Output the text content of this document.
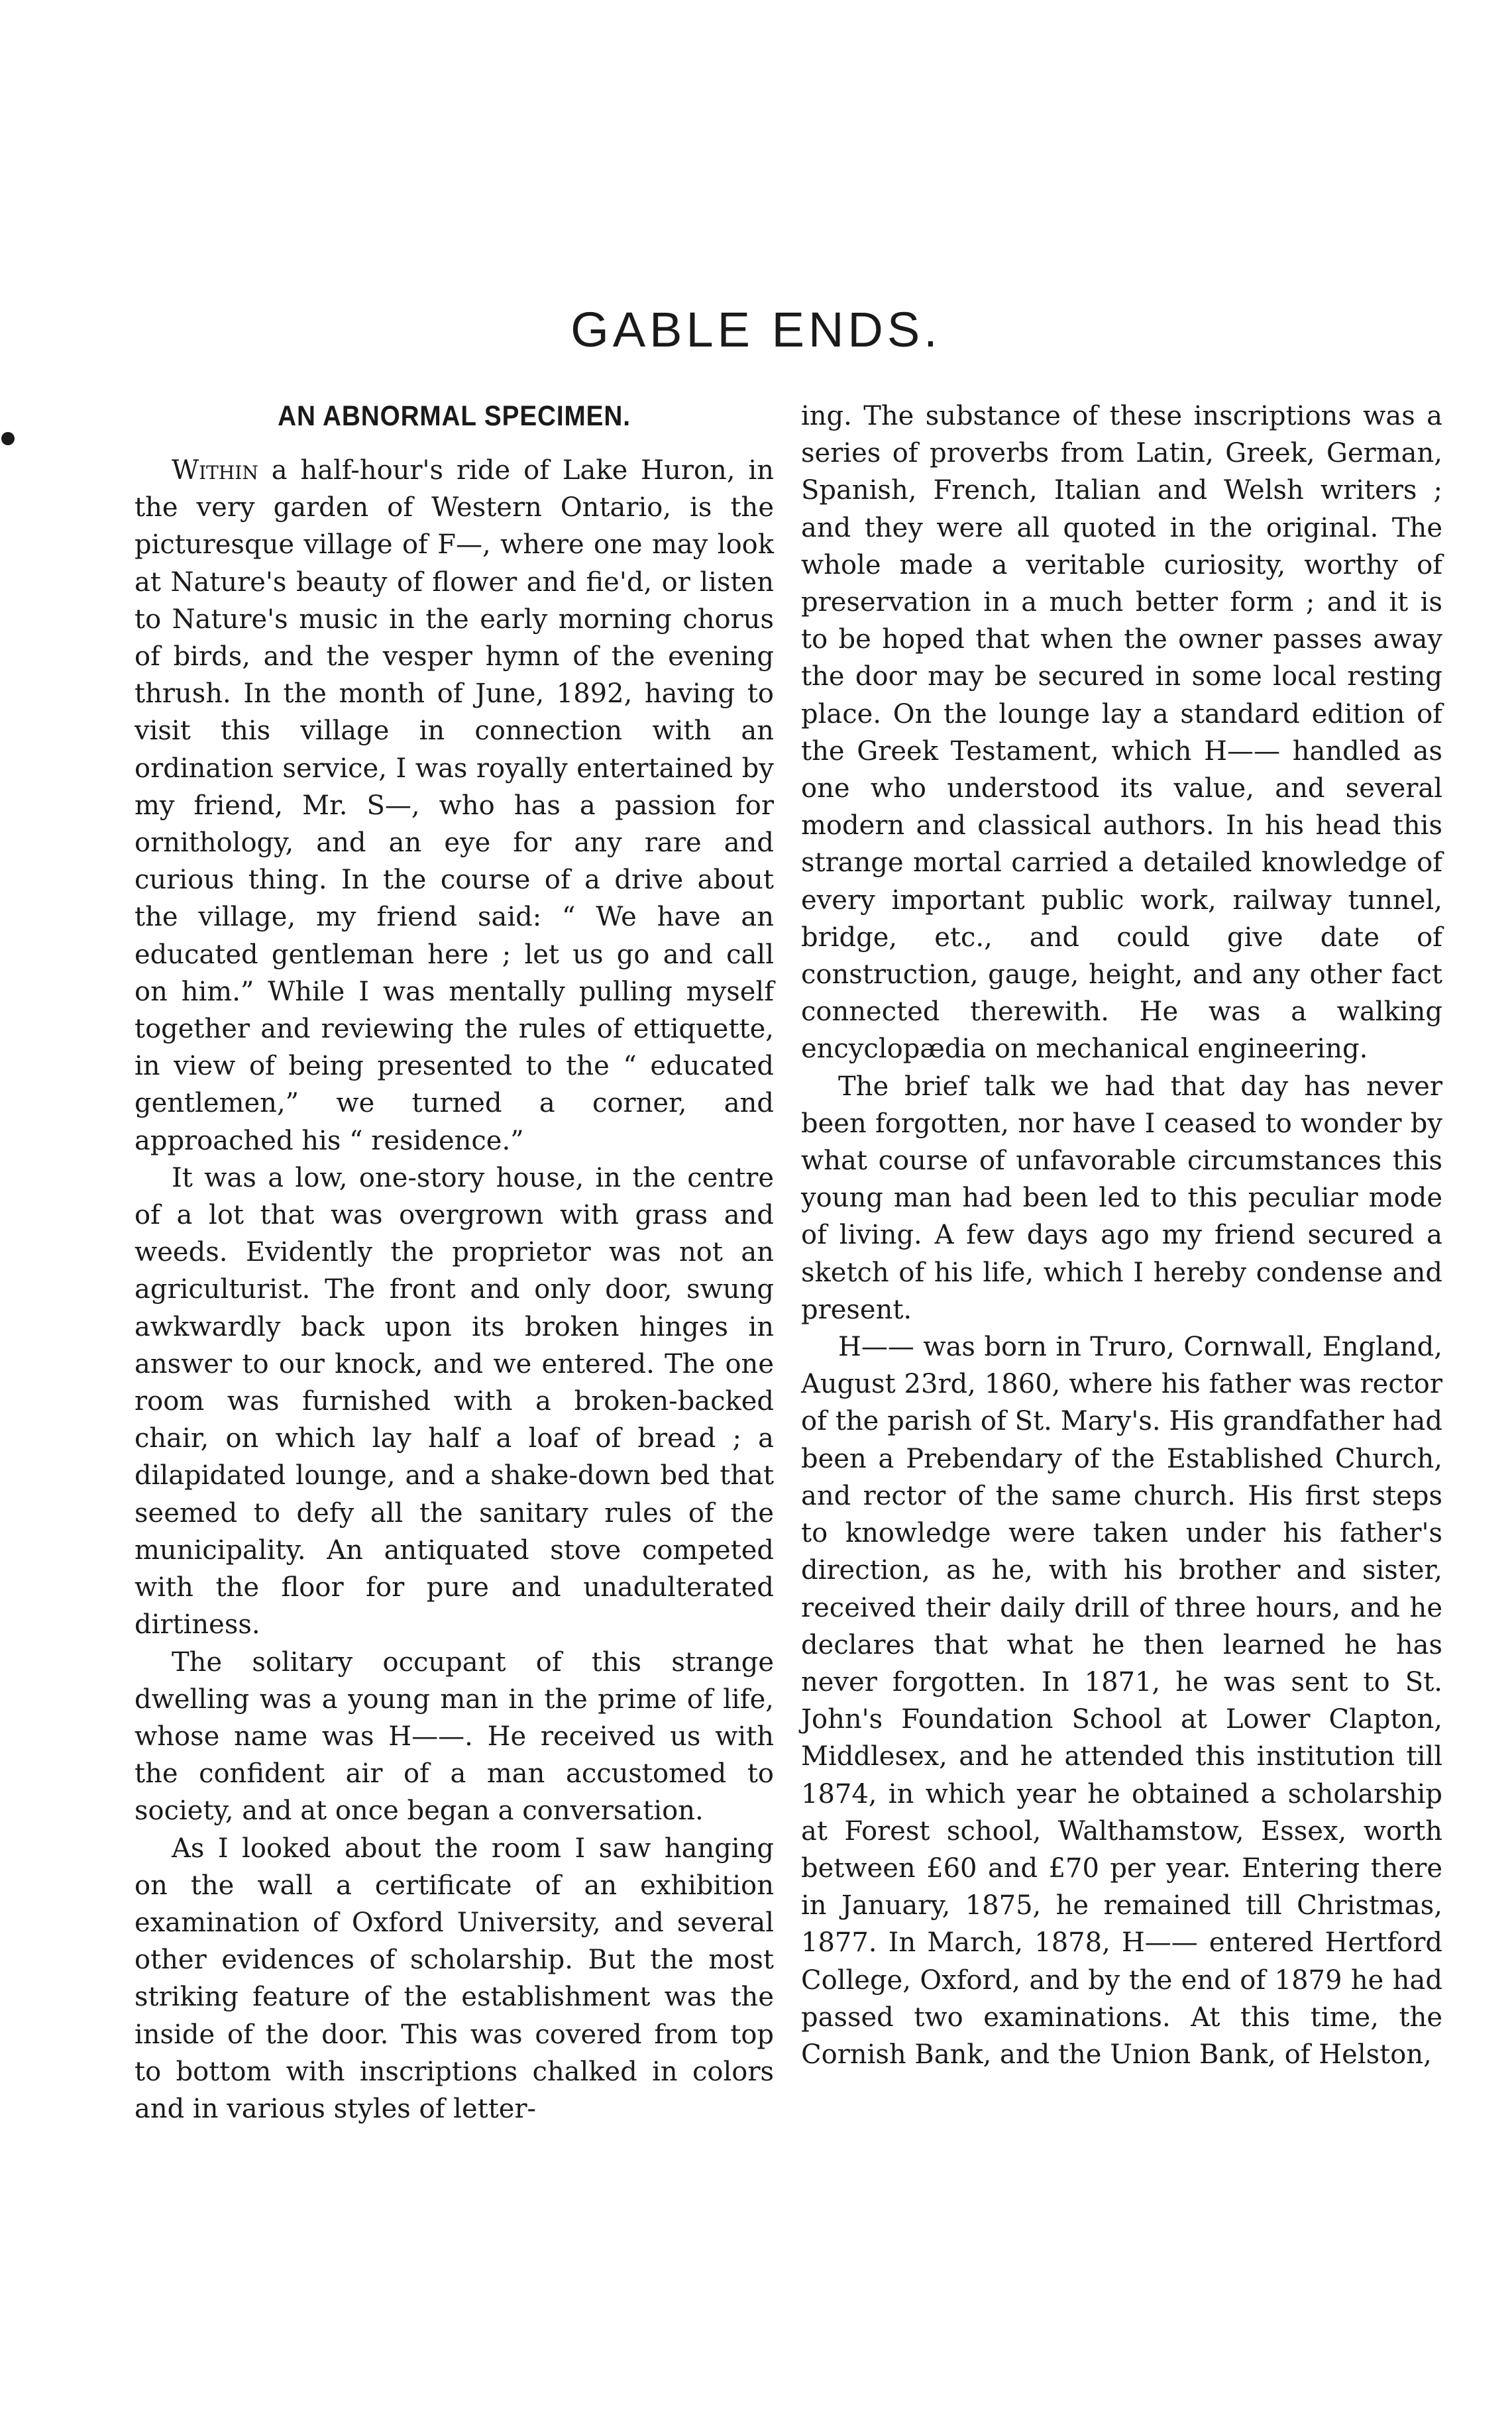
GABLE ENDS.
AN ABNORMAL SPECIMEN.

Within a half-hour's ride of Lake Huron, in the very garden of Western Ontario, is the picturesque village of F—, where one may look at Nature's beauty of flower and fie'd, or listen to Nature's music in the early morning chorus of birds, and the vesper hymn of the evening thrush. In the month of June, 1892, having to visit this village in connection with an ordination service, I was royally entertained by my friend, Mr. S—, who has a passion for ornithology, and an eye for any rare and curious thing. In the course of a drive about the village, my friend said: “ We have an educated gentleman here ; let us go and call on him.” While I was mentally pulling myself together and reviewing the rules of ettiquette, in view of being presented to the “ educated gentlemen,” we turned a corner, and approached his “ residence.”

It was a low, one-story house, in the centre of a lot that was overgrown with grass and weeds. Evidently the proprietor was not an agriculturist. The front and only door, swung awkwardly back upon its broken hinges in answer to our knock, and we entered. The one room was furnished with a broken-backed chair, on which lay half a loaf of bread ; a dilapidated lounge, and a shake-down bed that seemed to defy all the sanitary rules of the municipality. An antiquated stove competed with the floor for pure and unadulterated dirtiness.

The solitary occupant of this strange dwelling was a young man in the prime of life, whose name was H——. He received us with the confident air of a man accustomed to society, and at once began a conversation.

As I looked about the room I saw hanging on the wall a certificate of an exhibition examination of Oxford University, and several other evidences of scholarship. But the most striking feature of the establishment was the inside of the door. This was covered from top to bottom with inscriptions chalked in colors and in various styles of letter-

ing. The substance of these inscriptions was a series of proverbs from Latin, Greek, German, Spanish, French, Italian and Welsh writers ; and they were all quoted in the original. The whole made a veritable curiosity, worthy of preservation in a much better form ; and it is to be hoped that when the owner passes away the door may be secured in some local resting place. On the lounge lay a standard edition of the Greek Testament, which H—— handled as one who understood its value, and several modern and classical authors. In his head this strange mortal carried a detailed knowledge of every important public work, railway tunnel, bridge, etc., and could give date of construction, gauge, height, and any other fact connected therewith. He was a walking encyclopædia on mechanical engineering.

The brief talk we had that day has never been forgotten, nor have I ceased to wonder by what course of unfavorable circumstances this young man had been led to this peculiar mode of living. A few days ago my friend secured a sketch of his life, which I hereby condense and present.

H—— was born in Truro, Cornwall, England, August 23rd, 1860, where his father was rector of the parish of St. Mary's. His grandfather had been a Prebendary of the Established Church, and rector of the same church. His first steps to knowledge were taken under his father's direction, as he, with his brother and sister, received their daily drill of three hours, and he declares that what he then learned he has never forgotten. In 1871, he was sent to St. John's Foundation School at Lower Clapton, Middlesex, and he attended this institution till 1874, in which year he obtained a scholarship at Forest school, Walthamstow, Essex, worth between £60 and £70 per year. Entering there in January, 1875, he remained till Christmas, 1877. In March, 1878, H—— entered Hertford College, Oxford, and by the end of 1879 he had passed two examinations. At this time, the Cornish Bank, and the Union Bank, of Helston,
